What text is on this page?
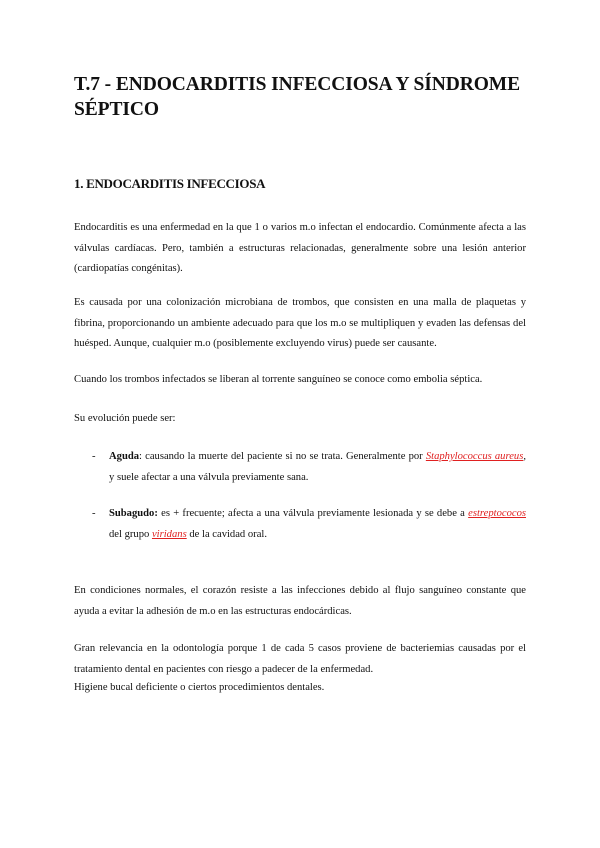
T.7 - ENDOCARDITIS INFECCIOSA Y SÍNDROME SÉPTICO
1. ENDOCARDITIS INFECCIOSA

Endocarditis es una enfermedad en la que 1 o varios m.o infectan el endocardio. Comúnmente afecta a las válvulas cardíacas. Pero, también a estructuras relacionadas, generalmente sobre una lesión anterior (cardiopatías congénitas).

Es causada por una colonización microbiana de trombos, que consisten en una malla de plaquetas y fibrina, proporcionando un ambiente adecuado para que los m.o se multipliquen y evaden las defensas del huésped. Aunque, cualquier m.o (posiblemente excluyendo virus) puede ser causante.

Cuando los trombos infectados se liberan al torrente sanguíneo se conoce como embolia séptica.

Su evolución puede ser:

- Aguda: causando la muerte del paciente si no se trata. Generalmente por Staphylococcus aureus, y suele afectar a una válvula previamente sana.

- Subagudo: es + frecuente; afecta a una válvula previamente lesionada y se debe a estreptococos del grupo viridans de la cavidad oral.

En condiciones normales, el corazón resiste a las infecciones debido al flujo sanguíneo constante que ayuda a evitar la adhesión de m.o en las estructuras endocárdicas.

Gran relevancia en la odontología porque 1 de cada 5 casos proviene de bacteriemias causadas por el tratamiento dental en pacientes con riesgo a padecer de la enfermedad.

Higiene bucal deficiente o ciertos procedimientos dentales.
